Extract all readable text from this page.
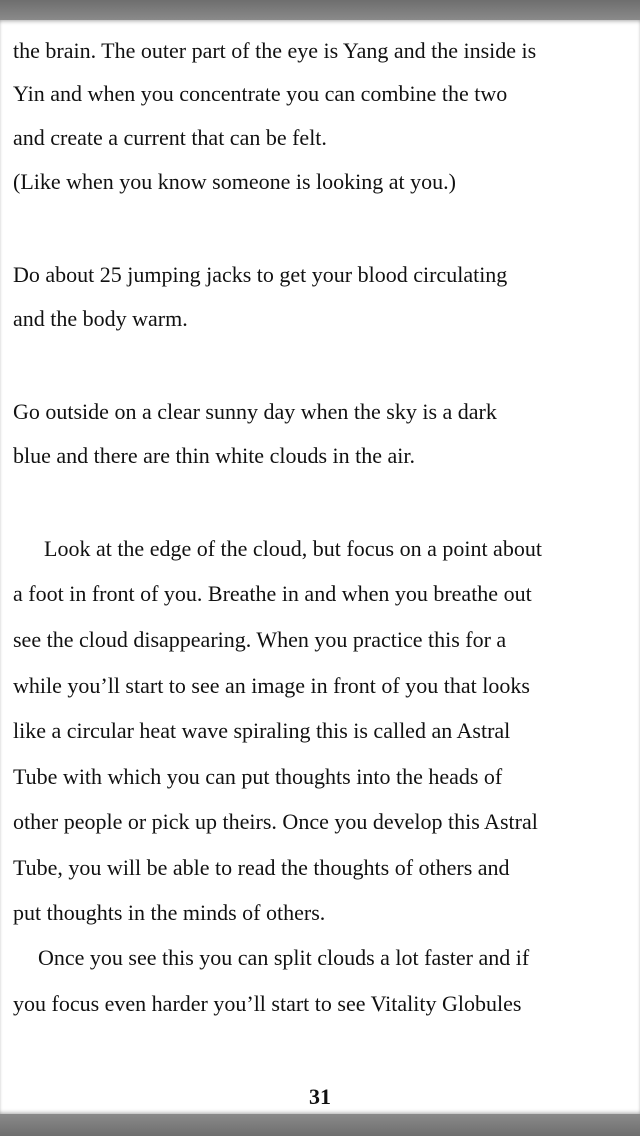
the brain. The outer part of the eye is Yang and the inside is
Yin and when you concentrate you can combine the two
and create a current that can be felt.
(Like when you know someone is looking at you.)
Do about 25 jumping jacks to get your blood circulating
and the body warm.
Go outside on a clear sunny day when the sky is a dark
blue and there are thin white clouds in the air.
Look at the edge of the cloud, but focus on a point about
a foot in front of you. Breathe in and when you breathe out
see the cloud disappearing. When you practice this for a
while you’ll start to see an image in front of you that looks
like a circular heat wave spiraling this is called an Astral
Tube with which you can put thoughts into the heads of
other people or pick up theirs. Once you develop this Astral
Tube, you will be able to read the thoughts of others and
put thoughts in the minds of others.
Once you see this you can split clouds a lot faster and if
you focus even harder you’ll start to see Vitality Globules
31
